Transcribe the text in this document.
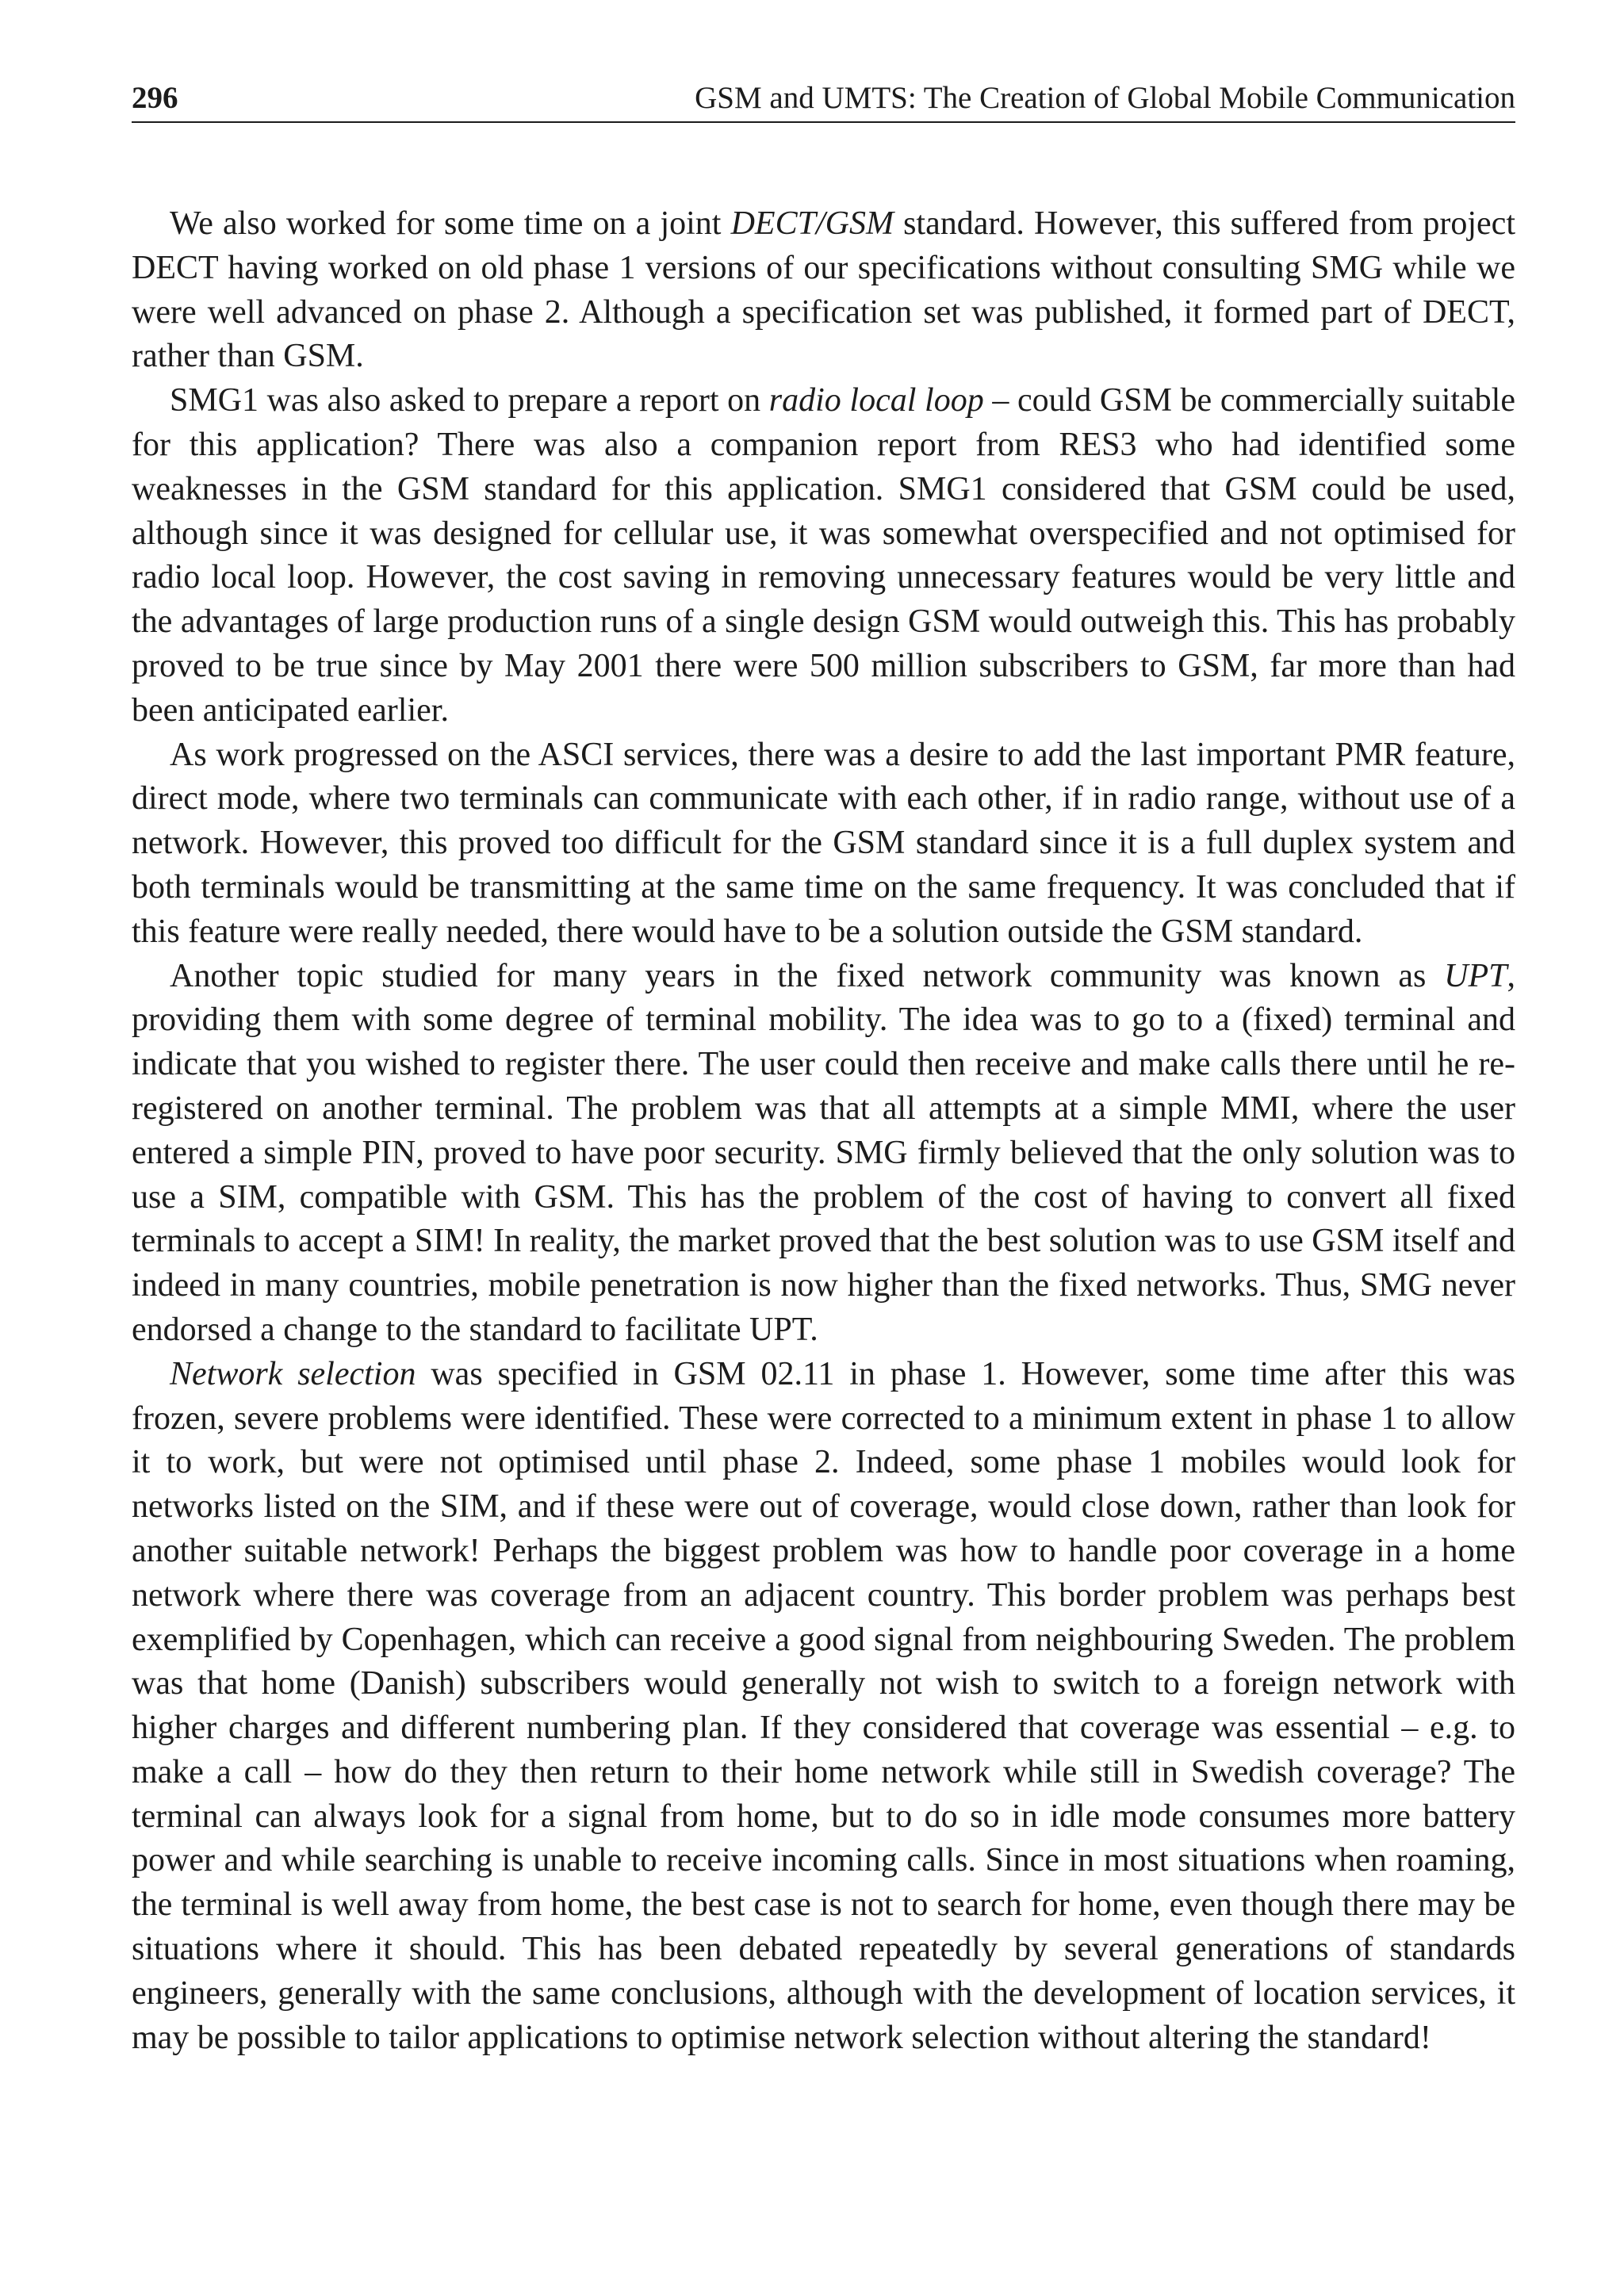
296	GSM and UMTS: The Creation of Global Mobile Communication

We also worked for some time on a joint DECT/GSM standard. However, this suffered from project DECT having worked on old phase 1 versions of our specifications without consulting SMG while we were well advanced on phase 2. Although a specification set was published, it formed part of DECT, rather than GSM.

SMG1 was also asked to prepare a report on radio local loop – could GSM be commercially suitable for this application? There was also a companion report from RES3 who had identified some weaknesses in the GSM standard for this application. SMG1 considered that GSM could be used, although since it was designed for cellular use, it was somewhat overspecified and not optimised for radio local loop. However, the cost saving in removing unnecessary features would be very little and the advantages of large production runs of a single design GSM would outweigh this. This has probably proved to be true since by May 2001 there were 500 million subscribers to GSM, far more than had been anticipated earlier.

As work progressed on the ASCI services, there was a desire to add the last important PMR feature, direct mode, where two terminals can communicate with each other, if in radio range, without use of a network. However, this proved too difficult for the GSM standard since it is a full duplex system and both terminals would be transmitting at the same time on the same frequency. It was concluded that if this feature were really needed, there would have to be a solution outside the GSM standard.

Another topic studied for many years in the fixed network community was known as UPT, providing them with some degree of terminal mobility. The idea was to go to a (fixed) terminal and indicate that you wished to register there. The user could then receive and make calls there until he re-registered on another terminal. The problem was that all attempts at a simple MMI, where the user entered a simple PIN, proved to have poor security. SMG firmly believed that the only solution was to use a SIM, compatible with GSM. This has the problem of the cost of having to convert all fixed terminals to accept a SIM! In reality, the market proved that the best solution was to use GSM itself and indeed in many countries, mobile penetration is now higher than the fixed networks. Thus, SMG never endorsed a change to the standard to facilitate UPT.

Network selection was specified in GSM 02.11 in phase 1. However, some time after this was frozen, severe problems were identified. These were corrected to a minimum extent in phase 1 to allow it to work, but were not optimised until phase 2. Indeed, some phase 1 mobiles would look for networks listed on the SIM, and if these were out of coverage, would close down, rather than look for another suitable network! Perhaps the biggest problem was how to handle poor coverage in a home network where there was coverage from an adjacent country. This border problem was perhaps best exemplified by Copenhagen, which can receive a good signal from neighbouring Sweden. The problem was that home (Danish) subscribers would generally not wish to switch to a foreign network with higher charges and different numbering plan. If they considered that coverage was essential – e.g. to make a call – how do they then return to their home network while still in Swedish coverage? The terminal can always look for a signal from home, but to do so in idle mode consumes more battery power and while searching is unable to receive incoming calls. Since in most situations when roaming, the terminal is well away from home, the best case is not to search for home, even though there may be situations where it should. This has been debated repeatedly by several generations of standards engineers, generally with the same conclusions, although with the development of location services, it may be possible to tailor applications to optimise network selection without altering the standard!
